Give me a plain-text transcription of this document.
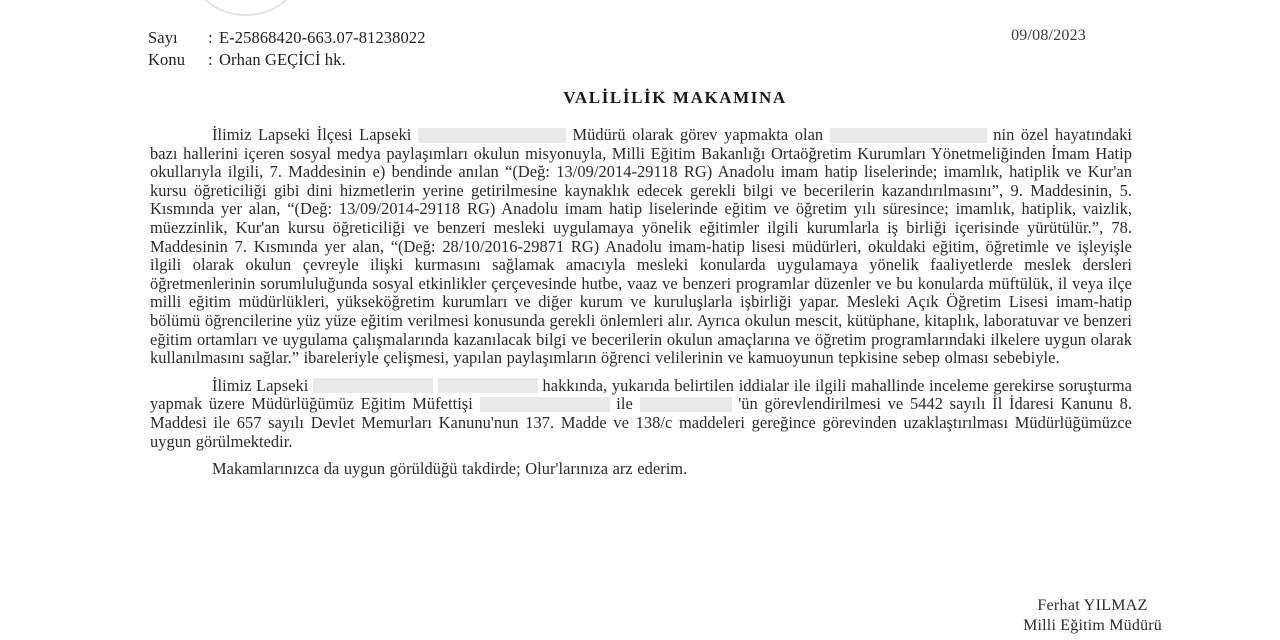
Sayı	: E-25868420-663.07-81238022
Konu	: Orhan GEÇİCİ hk.
09/08/2023
VALİLİLİK MAKAMINA

İlimiz Lapseki İlçesi Lapseki	Müdürü olarak görev yapmakta olan	nin özel hayatındaki bazı hallerini içeren sosyal medya paylaşımları okulun misyonuyla, Milli Eğitim Bakanlığı Ortaöğretim Kurumları Yönetmeliğinden İmam Hatip okullarıyla ilgili, 7. Maddesinin e) bendinde anılan “(Değ: 13/09/2014-29118 RG) Anadolu imam hatip liselerinde; imamlık, hatiplik ve Kur'an kursu öğreticiliği gibi dini hizmetlerin yerine getirilmesine kaynaklık edecek gerekli bilgi ve becerilerin kazandırılmasını”, 9. Maddesinin, 5. Kısmında yer alan, “(Değ: 13/09/2014-29118 RG) Anadolu imam hatip liselerinde eğitim ve öğretim yılı süresince; imamlık, hatiplik, vaizlik, müezzinlik, Kur'an kursu öğreticiliği ve benzeri mesleki uygulamaya yönelik eğitimler ilgili kurumlarla iş birliği içerisinde yürütülür.”, 78. Maddesinin 7. Kısmında yer alan, “(Değ: 28/10/2016-29871 RG) Anadolu imam-hatip lisesi müdürleri, okuldaki eğitim, öğretimle ve işleyişle ilgili olarak okulun çevreyle ilişki kurmasını sağlamak amacıyla mesleki konularda uygulamaya yönelik faaliyetlerde meslek dersleri öğretmenlerinin sorumluluğunda sosyal etkinlikler çerçevesinde hutbe, vaaz ve benzeri programlar düzenler ve bu konularda müftülük, il veya ilçe milli eğitim müdürlükleri, yükseköğretim kurumları ve diğer kurum ve kuruluşlarla işbirliği yapar. Mesleki Açık Öğretim Lisesi imam-hatip bölümü öğrencilerine yüz yüze eğitim verilmesi konusunda gerekli önlemleri alır. Ayrıca okulun mescit, kütüphane, kitaplık, laboratuvar ve benzeri eğitim ortamları ve uygulama çalışmalarında kazanılacak bilgi ve becerilerin okulun amaçlarına ve öğretim programlarındaki ilkelere uygun olarak kullanılmasını sağlar.” ibareleriyle çelişmesi, yapılan paylaşımların öğrenci velilerinin ve kamuoyunun tepkisine sebep olması sebebiyle.

İlimiz Lapseki	hakkında, yukarıda belirtilen iddialar ile ilgili mahallinde inceleme gerekirse soruşturma yapmak üzere Müdürlüğümüz Eğitim Müfettişi	ile	'ün görevlendirilmesi ve 5442 sayılı İl İdaresi Kanunu 8. Maddesi ile 657 sayılı Devlet Memurları Kanunu'nun 137. Madde ve 138/c maddeleri gereğince görevinden uzaklaştırılması Müdürlüğümüzce uygun görülmektedir.

Makamlarınızca da uygun görüldüğü takdirde; Olur'larınıza arz ederim.

Ferhat YILMAZ
Milli Eğitim Müdürü
